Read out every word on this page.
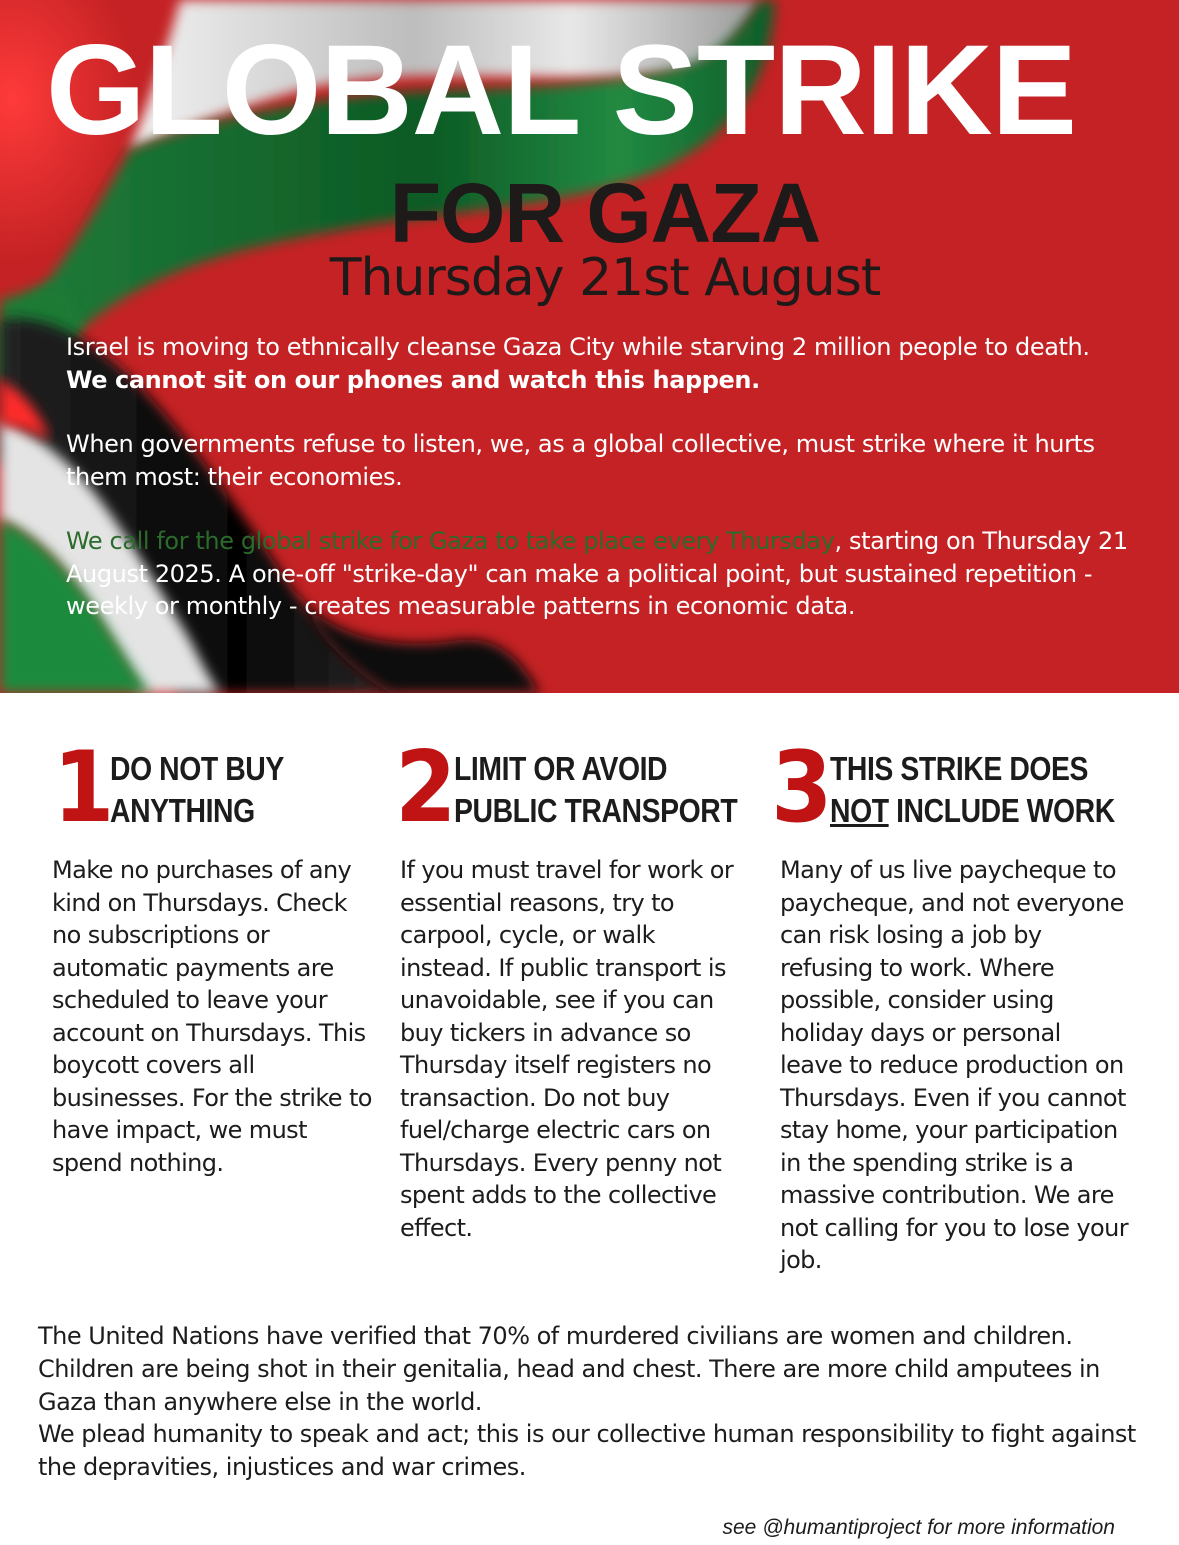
GLOBAL STRIKE
FOR GAZA
Thursday 21st August

Israel is moving to ethnically cleanse Gaza City while starving 2 million people to death. We cannot sit on our phones and watch this happen.

When governments refuse to listen, we, as a global collective, must strike where it hurts them most: their economies.

We call for the global strike for Gaza to take place every Thursday, starting on Thursday 21 August 2025. A one-off "strike-day" can make a political point, but sustained repetition - weekly or monthly - creates measurable patterns in economic data.

1 DO NOT BUY
ANYTHING
Make no purchases of any kind on Thursdays. Check no subscriptions or automatic payments are scheduled to leave your account on Thursdays. This boycott covers all businesses. For the strike to have impact, we must spend nothing.
2 LIMIT OR AVOID
PUBLIC TRANSPORT
If you must travel for work or essential reasons, try to carpool, cycle, or walk instead. If public transport is unavoidable, see if you can buy tickers in advance so Thursday itself registers no transaction. Do not buy fuel/charge electric cars on Thursdays. Every penny not spent adds to the collective effect.
3 THIS STRIKE DOES
NOT INCLUDE WORK
Many of us live paycheque to paycheque, and not everyone can risk losing a job by refusing to work. Where possible, consider using holiday days or personal leave to reduce production on Thursdays. Even if you cannot stay home, your participation in the spending strike is a massive contribution. We are not calling for you to lose your job.
The United Nations have verified that 70% of murdered civilians are women and children. Children are being shot in their genitalia, head and chest. There are more child amputees in Gaza than anywhere else in the world.
We plead humanity to speak and act; this is our collective human responsibility to fight against the depravities, injustices and war crimes.
see @humantiproject for more information
